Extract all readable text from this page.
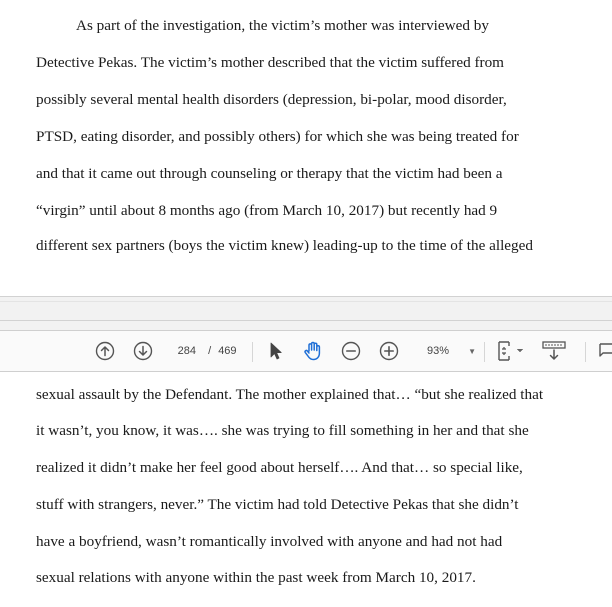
As part of the investigation, the victim’s mother was interviewed by
Detective Pekas. The victim’s mother described that the victim suffered from
possibly several mental health disorders (depression, bi-polar, mood disorder,
PTSD, eating disorder, and possibly others) for which she was being treated for
and that it came out through counseling or therapy that the victim had been a
“virgin” until about 8 months ago (from March 10, 2017) but recently had 9
different sex partners (boys the victim knew) leading-up to the time of the alleged
284 / 469	93% ▼
sexual assault by the Defendant. The mother explained that… “but she realized that
it wasn’t, you know, it was…. she was trying to fill something in her and that she
realized it didn’t make her feel good about herself…. And that… so special like,
stuff with strangers, never.” The victim had told Detective Pekas that she didn’t
have a boyfriend, wasn’t romantically involved with anyone and had not had
sexual relations with anyone within the past week from March 10, 2017.
